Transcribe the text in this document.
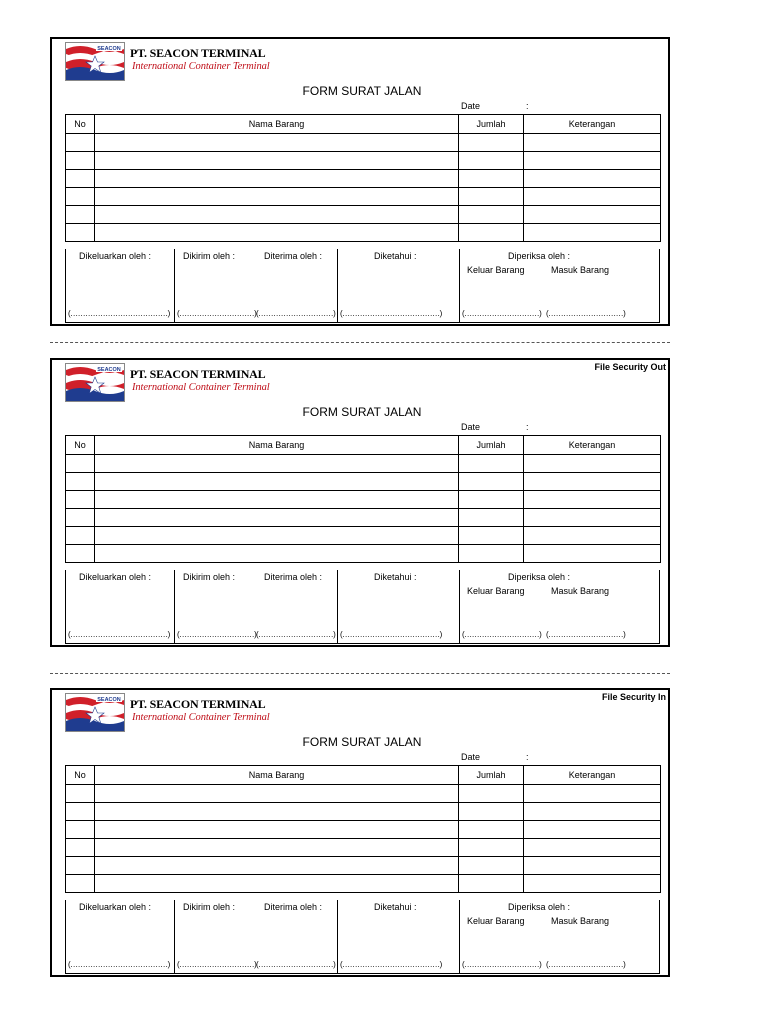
SEACON PT. SEACON TERMINAL
International Container Terminal
FORM SURAT JALAN
Date	:
No	Nama Barang	Jumlah	Keterangan

Dikeluarkan oleh :
(…………………………………)
Dikirim oleh :	Diterima oleh :
(…………………………) (…………………………)
Diketahui :
(…………………………………)
Diperiksa oleh :
Keluar Barang	Masuk Barang
(…………………………) (…………………………)
SEACON PT. SEACON TERMINAL
International Container Terminal
File Security Out
FORM SURAT JALAN
Date	:
No	Nama Barang	Jumlah	Keterangan

Dikeluarkan oleh :
(…………………………………)
Dikirim oleh :	Diterima oleh :
(…………………………) (…………………………)
Diketahui :
(…………………………………)
Diperiksa oleh :
Keluar Barang	Masuk Barang
(…………………………) (…………………………)
SEACON PT. SEACON TERMINAL
International Container Terminal
File Security In
FORM SURAT JALAN
Date	:
No	Nama Barang	Jumlah	Keterangan

Dikeluarkan oleh :
(…………………………………)
Dikirim oleh :	Diterima oleh :
(…………………………) (…………………………)
Diketahui :
(…………………………………)
Diperiksa oleh :
Keluar Barang	Masuk Barang
(…………………………) (…………………………)
